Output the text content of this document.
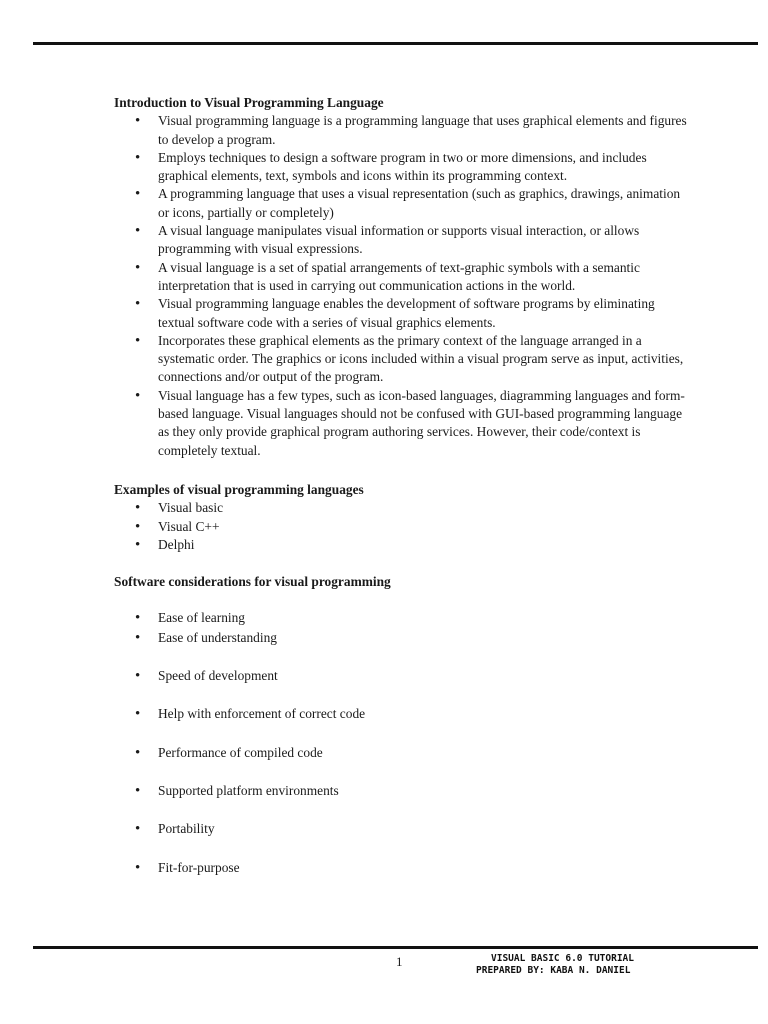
Introduction to Visual Programming Language

• Visual programming language is a programming language that uses graphical elements and figures to develop a program.
• Employs techniques to design a software program in two or more dimensions, and includes graphical elements, text, symbols and icons within its programming context.
• A programming language that uses a visual representation (such as graphics, drawings, animation or icons, partially or completely)
• A visual language manipulates visual information or supports visual interaction, or allows programming with visual expressions.
• A visual language is a set of spatial arrangements of text-graphic symbols with a semantic interpretation that is used in carrying out communication actions in the world.
• Visual programming language enables the development of software programs by eliminating textual software code with a series of visual graphics elements.
• Incorporates these graphical elements as the primary context of the language arranged in a systematic order. The graphics or icons included within a visual program serve as input, activities, connections and/or output of the program.
• Visual language has a few types, such as icon-based languages, diagramming languages and form-based language. Visual languages should not be confused with GUI-based programming language as they only provide graphical program authoring services. However, their code/context is completely textual.

Examples of visual programming languages

• Visual basic
• Visual C++
• Delphi

Software considerations for visual programming

• Ease of learning
• Ease of understanding
• Speed of development
• Help with enforcement of correct code
• Performance of compiled code
• Supported platform environments
• Portability
• Fit-for-purpose
1	VISUAL BASIC 6.0 TUTORIAL
PREPARED BY: KABA N. DANIEL
